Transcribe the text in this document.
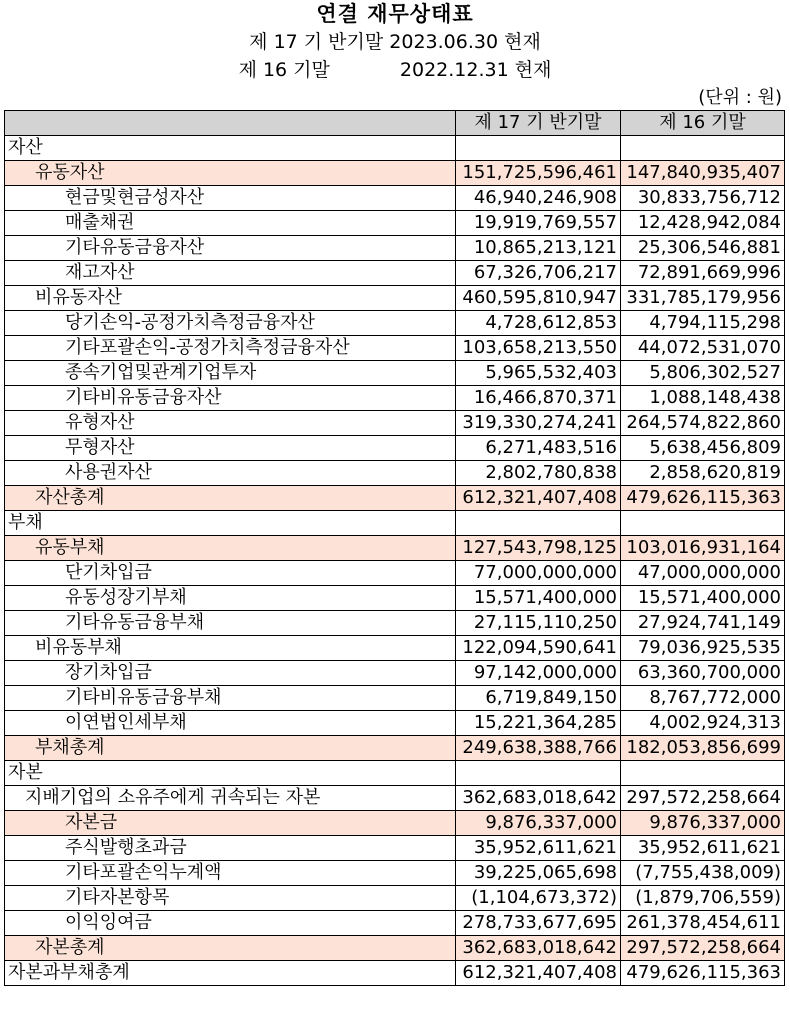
연결 재무상태표
제 17 기 반기말 2023.06.30 현재
제 16 기말	2022.12.31 현재
(단위 : 원)
	제 17 기 반기말	제 16 기말
자산		
유동자산	151,725,596,461	147,840,935,407
현금및현금성자산	46,940,246,908	30,833,756,712
매출채권	19,919,769,557	12,428,942,084
기타유동금융자산	10,865,213,121	25,306,546,881
재고자산	67,326,706,217	72,891,669,996
비유동자산	460,595,810,947	331,785,179,956
당기손익-공정가치측정금융자산	4,728,612,853	4,794,115,298
기타포괄손익-공정가치측정금융자산	103,658,213,550	44,072,531,070
종속기업및관계기업투자	5,965,532,403	5,806,302,527
기타비유동금융자산	16,466,870,371	1,088,148,438
유형자산	319,330,274,241	264,574,822,860
무형자산	6,271,483,516	5,638,456,809
사용권자산	2,802,780,838	2,858,620,819
자산총계	612,321,407,408	479,626,115,363
부채		
유동부채	127,543,798,125	103,016,931,164
단기차입금	77,000,000,000	47,000,000,000
유동성장기부채	15,571,400,000	15,571,400,000
기타유동금융부채	27,115,110,250	27,924,741,149
비유동부채	122,094,590,641	79,036,925,535
장기차입금	97,142,000,000	63,360,700,000
기타비유동금융부채	6,719,849,150	8,767,772,000
이연법인세부채	15,221,364,285	4,002,924,313
부채총계	249,638,388,766	182,053,856,699
자본		
지배기업의 소유주에게 귀속되는 자본	362,683,018,642	297,572,258,664
자본금	9,876,337,000	9,876,337,000
주식발행초과금	35,952,611,621	35,952,611,621
기타포괄손익누계액	39,225,065,698	(7,755,438,009)
기타자본항목	(1,104,673,372)	(1,879,706,559)
이익잉여금	278,733,677,695	261,378,454,611
자본총계	362,683,018,642	297,572,258,664
자본과부채총계	612,321,407,408	479,626,115,363
